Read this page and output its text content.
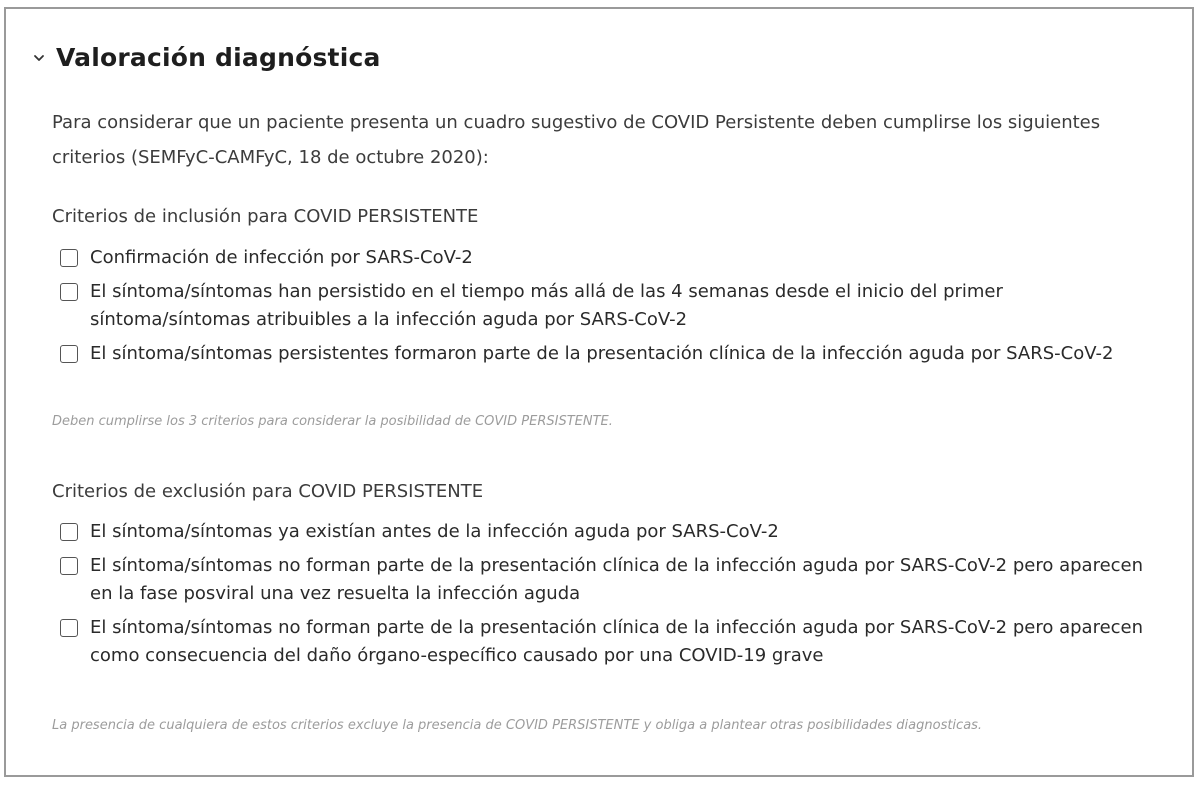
Valoración diagnóstica
Para considerar que un paciente presenta un cuadro sugestivo de COVID Persistente deben cumplirse los siguientes criterios (SEMFyC-CAMFyC, 18 de octubre 2020):
Criterios de inclusión para COVID PERSISTENTE
Confirmación de infección por SARS-CoV-2
El síntoma/síntomas han persistido en el tiempo más allá de las 4 semanas desde el inicio del primer síntoma/síntomas atribuibles a la infección aguda por SARS-CoV-2
El síntoma/síntomas persistentes formaron parte de la presentación clínica de la infección aguda por SARS-CoV-2
Deben cumplirse los 3 criterios para considerar la posibilidad de COVID PERSISTENTE.
Criterios de exclusión para COVID PERSISTENTE
El síntoma/síntomas ya existían antes de la infección aguda por SARS-CoV-2
El síntoma/síntomas no forman parte de la presentación clínica de la infección aguda por SARS-CoV-2 pero aparecen en la fase posviral una vez resuelta la infección aguda
El síntoma/síntomas no forman parte de la presentación clínica de la infección aguda por SARS-CoV-2 pero aparecen como consecuencia del daño órgano-específico causado por una COVID-19 grave
La presencia de cualquiera de estos criterios excluye la presencia de COVID PERSISTENTE y obliga a plantear otras posibilidades diagnosticas.
